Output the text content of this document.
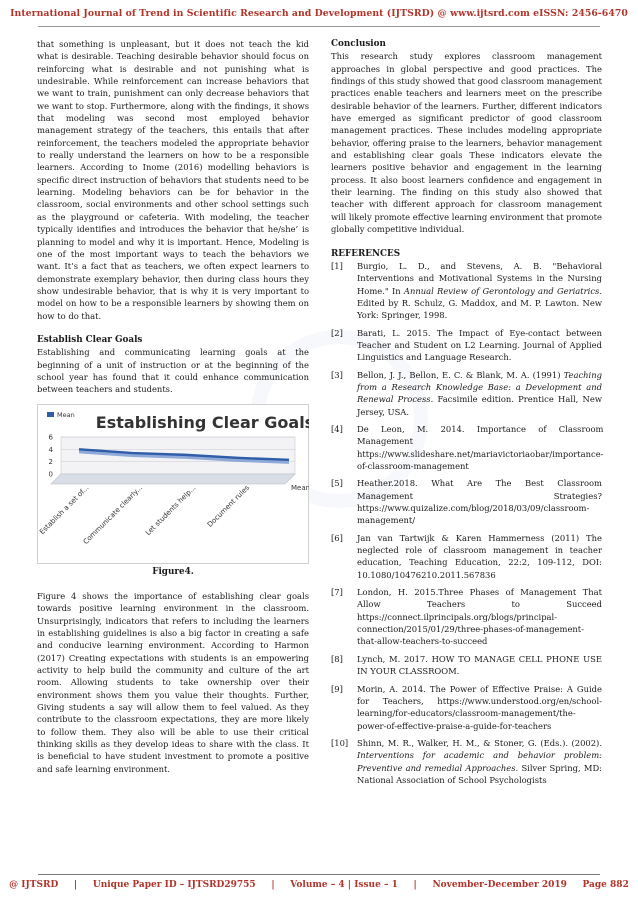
International Journal of Trend in Scientific Research and Development (IJTSRD) @ www.ijtsrd.com eISSN: 2456-6470

that something is unpleasant, but it does not teach the kid what is desirable. Teaching desirable behavior should focus on reinforcing what is desirable and not punishing what is undesirable. While reinforcement can increase behaviors that we want to train, punishment can only decrease behaviors that we want to stop. Furthermore, along with the findings, it shows that modeling was second most employed behavior management strategy of the teachers, this entails that after reinforcement, the teachers modeled the appropriate behavior to really understand the learners on how to be a responsible learners. According to Inome (2016) modelling behaviors is specific direct instruction of behaviors that students need to be learning. Modeling behaviors can be for behavior in the classroom, social environments and other school settings such as the playground or cafeteria. With modeling, the teacher typically identifies and introduces the behavior that he/she’ is planning to model and why it is important. Hence, Modeling is one of the most important ways to teach the behaviors we want. It’s a fact that as teachers, we often expect learners to demonstrate exemplary behavior, then during class hours they show undesirable behavior, that is why it is very important to model on how to be a responsible learners by showing them on how to do that.

Establish Clear Goals

Establishing and communicating learning goals at the beginning of a unit of instruction or at the beginning of the school year has found that it could enhance communication between teachers and students.

Establishing Clear Goals
Mean
0
2
4
6
Mean
Establish a set of...
Communicate clearly... Let students help... Document rules
Figure4.

Figure 4 shows the importance of establishing clear goals towards positive learning environment in the classroom. Unsurprisingly, indicators that refers to including the learners in establishing guidelines is also a big factor in creating a safe and conducive learning environment. According to Harmon (2017) Creating expectations with students is an empowering activity to help build the community and culture of the art room. Allowing students to take ownership over their environment shows them you value their thoughts. Further, Giving students a say will allow them to feel valued. As they contribute to the classroom expectations, they are more likely to follow them. They also will be able to use their critical thinking skills as they develop ideas to share with the class. It is beneficial to have student investment to promote a positive and safe learning environment.

Conclusion

This research study explores classroom management approaches in global perspective and good practices. The findings of this study showed that good classroom management practices enable teachers and learners meet on the prescribe desirable behavior of the learners. Further, different indicators have emerged as significant predictor of good classroom management practices. These includes modeling appropriate behavior, offering praise to the learners, behavior management and establishing clear goals These indicators elevate the learners positive behavior and engagement in the learning process. It also boost learners confidence and engagement in their learning. The finding on this study also showed that teacher with different approach for classroom management will likely promote effective learning environment that promote globally competitive individual.

REFERENCES
[1]	Burgio, L. D., and Stevens, A. B. "Behavioral Interventions and Motivational Systems in the Nursing Home." In Annual Review of Gerontology and Geriatrics. Edited by R. Schulz, G. Maddox, and M. P. Lawton. New York: Springer, 1998.
[2]	Barati, L. 2015. The Impact of Eye-contact between Teacher and Student on L2 Learning. Journal of Applied Linguistics and Language Research.
[3]	Bellon, J. J., Bellon, E. C. & Blank, M. A. (1991) Teaching from a Research Knowledge Base: a Development and Renewal Process. Facsimile edition. Prentice Hall, New Jersey, USA.
[4]	De Leon, M. 2014. Importance of Classroom Management https://www.slideshare.net/mariavictoriaobar/importance-of-classroom-management
[5]	Heather.2018. What Are The Best Classroom Management Strategies? https://www.quizalize.com/blog/2018/03/09/classroom-management/
[6]	Jan van Tartwijk & Karen Hammerness (2011) The neglected role of classroom management in teacher education, Teaching Education, 22:2, 109-112, DOI: 10.1080/10476210.2011.567836
[7]	London, H. 2015.Three Phases of Management That Allow Teachers to Succeed https://connect.ilprincipals.org/blogs/principal-connection/2015/01/29/three-phases-of-management-that-allow-teachers-to-succeed
[8]	Lynch, M. 2017. HOW TO MANAGE CELL PHONE USE IN YOUR CLASSROOM.
[9]	Morin, A. 2014. The Power of Effective Praise: A Guide for Teachers, https://www.understood.org/en/school-learning/for-educators/classroom-management/the-power-of-effective-praise-a-guide-for-teachers
[10]	Shinn, M. R., Walker, H. M., & Stoner, G. (Eds.). (2002). Interventions for academic and behavior problem: Preventive and remedial Approaches. Silver Spring, MD: National Association of School Psychologists
@ IJTSRD     |     Unique Paper ID – IJTSRD29755     |     Volume – 4 | Issue – 1     |     November-December 2019     Page 882
